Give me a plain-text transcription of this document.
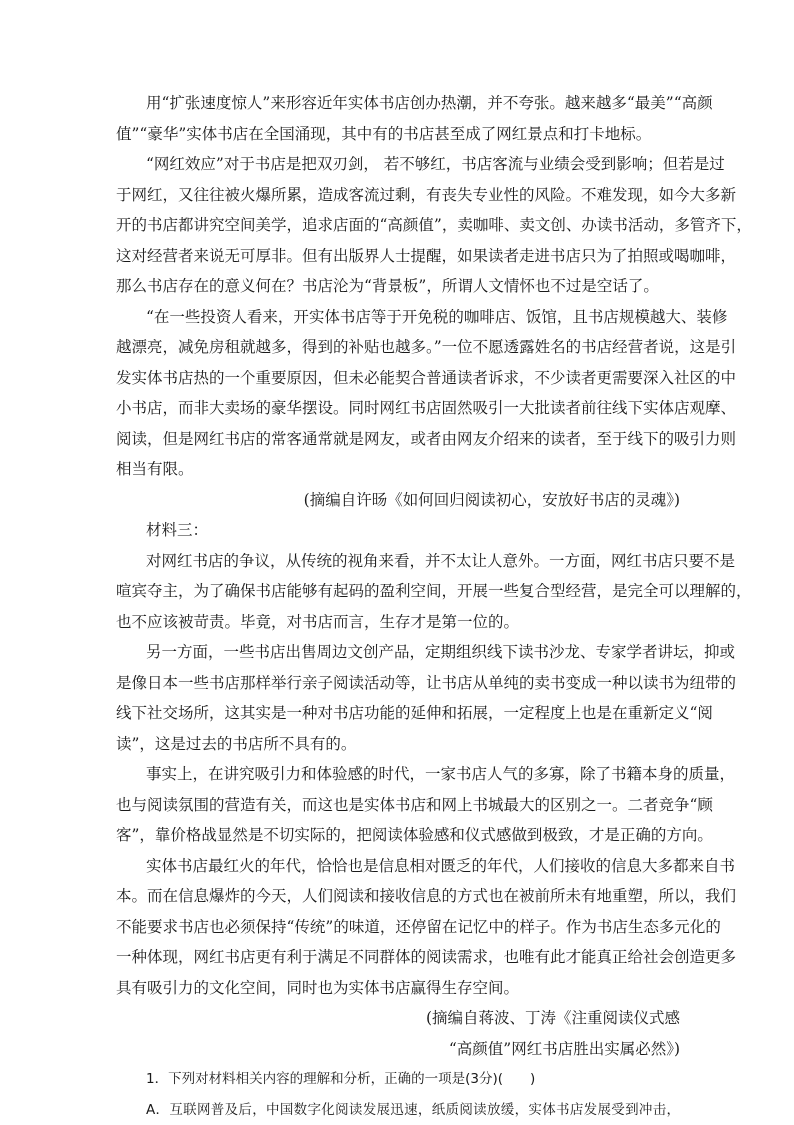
用“扩张速度惊人”来形容近年实体书店创办热潮，并不夸张。越来越多“最美”“高颜
值”“豪华”实体书店在全国涌现，其中有的书店甚至成了网红景点和打卡地标。
“网红效应”对于书店是把双刃剑， 若不够红，书店客流与业绩会受到影响；但若是过
于网红，又往往被火爆所累，造成客流过剩，有丧失专业性的风险。不难发现，如今大多新
开的书店都讲究空间美学，追求店面的“高颜值”，卖咖啡、卖文创、办读书活动，多管齐下，
这对经营者来说无可厚非。但有出版界人士提醒，如果读者走进书店只为了拍照或喝咖啡，
那么书店存在的意义何在？书店沦为“背景板”，所谓人文情怀也不过是空话了。
“在一些投资人看来，开实体书店等于开免税的咖啡店、饭馆，且书店规模越大、装修
越漂亮，减免房租就越多，得到的补贴也越多。”一位不愿透露姓名的书店经营者说，这是引
发实体书店热的一个重要原因，但未必能契合普通读者诉求，不少读者更需要深入社区的中
小书店，而非大卖场的豪华摆设。同时网红书店固然吸引一大批读者前往线下实体店观摩、
阅读，但是网红书店的常客通常就是网友，或者由网友介绍来的读者，至于线下的吸引力则
相当有限。
(摘编自许旸《如何回归阅读初心，安放好书店的灵魂》)
材料三：
对网红书店的争议，从传统的视角来看，并不太让人意外。一方面，网红书店只要不是
喧宾夺主，为了确保书店能够有起码的盈利空间，开展一些复合型经营，是完全可以理解的，
也不应该被苛责。毕竟，对书店而言，生存才是第一位的。
另一方面，一些书店出售周边文创产品，定期组织线下读书沙龙、专家学者讲坛，抑或
是像日本一些书店那样举行亲子阅读活动等，让书店从单纯的卖书变成一种以读书为纽带的
线下社交场所，这其实是一种对书店功能的延伸和拓展，一定程度上也是在重新定义“阅
读”，这是过去的书店所不具有的。
事实上，在讲究吸引力和体验感的时代，一家书店人气的多寡，除了书籍本身的质量，
也与阅读氛围的营造有关，而这也是实体书店和网上书城最大的区别之一。二者竞争“顾
客”，靠价格战显然是不切实际的，把阅读体验感和仪式感做到极致，才是正确的方向。
实体书店最红火的年代，恰恰也是信息相对匮乏的年代，人们接收的信息大多都来自书
本。而在信息爆炸的今天，人们阅读和接收信息的方式也在被前所未有地重塑，所以，我们
不能要求书店也必须保持“传统”的味道，还停留在记忆中的样子。作为书店生态多元化的
一种体现，网红书店更有利于满足不同群体的阅读需求，也唯有此才能真正给社会创造更多
具有吸引力的文化空间，同时也为实体书店赢得生存空间。
(摘编自蒋波、丁涛《注重阅读仪式感
“高颜值”网红书店胜出实属必然》)
1．下列对材料相关内容的理解和分析，正确的一项是(3分)(　　)
A．互联网普及后，中国数字化阅读发展迅速，纸质阅读放缓，实体书店发展受到冲击，
